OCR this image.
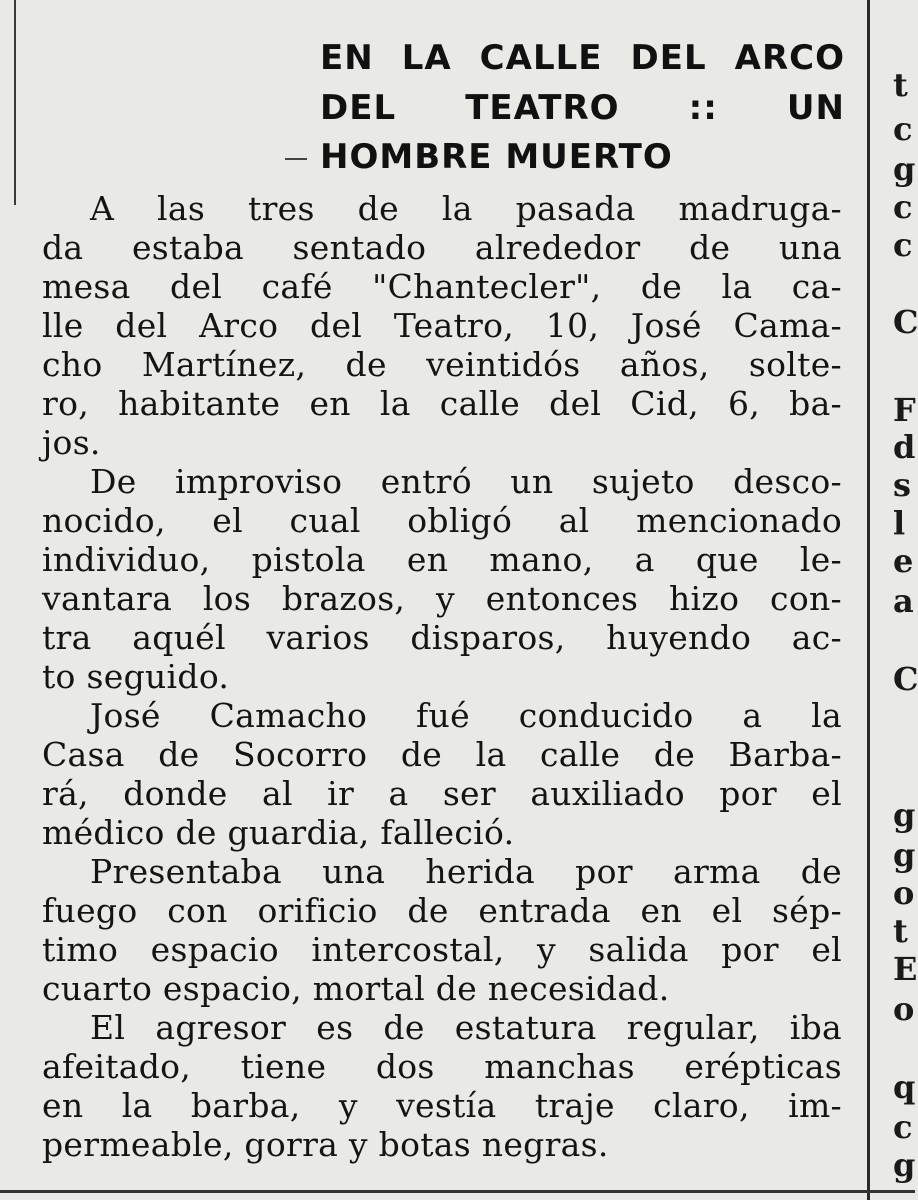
EN LA CALLE DEL ARCO
DEL TEATRO :: UN
HOMBRE MUERTO
A las tres de la pasada madruga-
da estaba sentado alrededor de una
mesa del café "Chantecler", de la ca-
lle del Arco del Teatro, 10, José Cama-
cho Martínez, de veintidós años, solte-
ro, habitante en la calle del Cid, 6, ba-
jos.
De improviso entró un sujeto desco-
nocido, el cual obligó al mencionado
individuo, pistola en mano, a que le-
vantara los brazos, y entonces hizo con-
tra aquél varios disparos, huyendo ac-
to seguido.
José Camacho fué conducido a la
Casa de Socorro de la calle de Barba-
rá, donde al ir a ser auxiliado por el
médico de guardia, falleció.
Presentaba una herida por arma de
fuego con orificio de entrada en el sép-
timo espacio intercostal, y salida por el
cuarto espacio, mortal de necesidad.
El agresor es de estatura regular, iba
afeitado, tiene dos manchas erépticas
en la barba, y vestía traje claro, im-
permeable, gorra y botas negras.
t
c
g
c
c
C
F
d
s
l
e
a
C
g
g
o
t
E
o
q
c
g
